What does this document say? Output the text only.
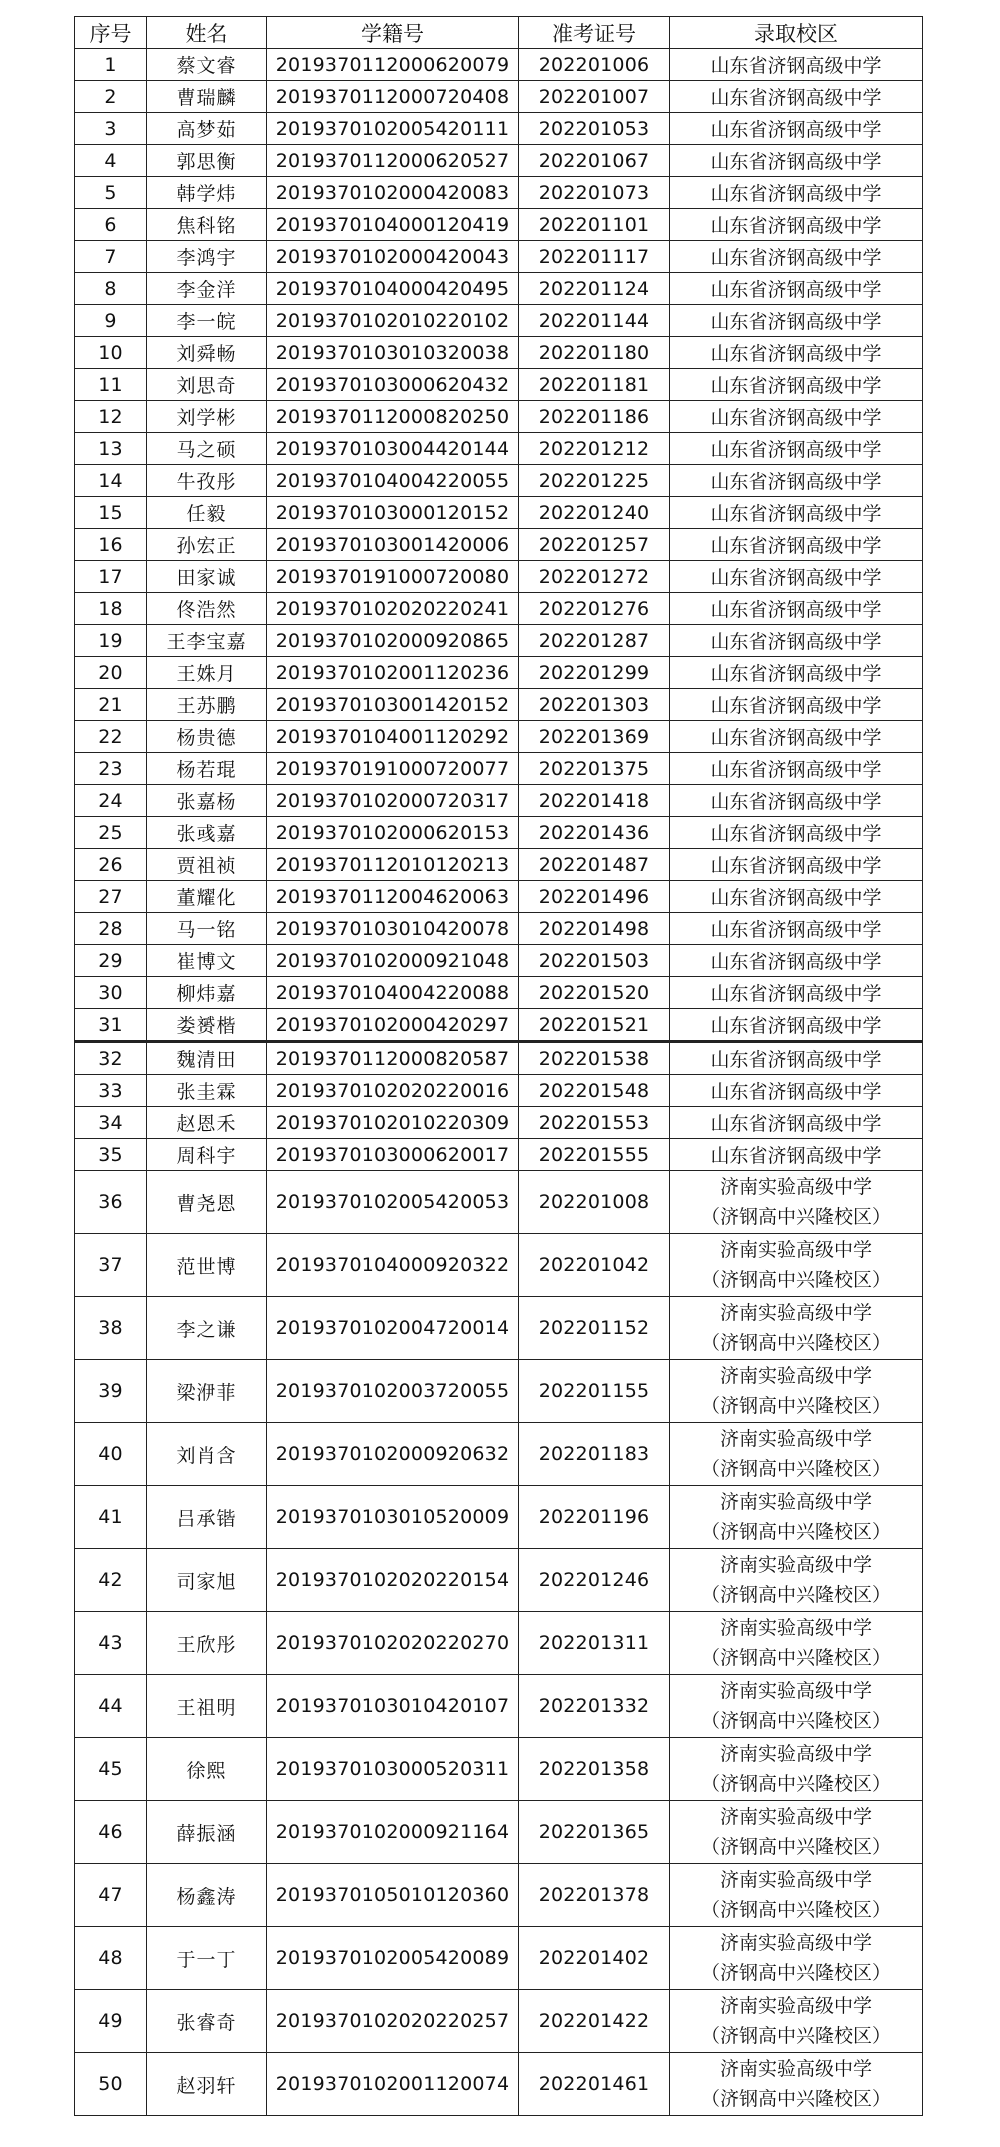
序号	姓名	学籍号	准考证号	录取校区
1	蔡文睿	2019370112000620079	202201006	山东省济钢高级中学

2	曹瑞麟	2019370112000720408	202201007	山东省济钢高级中学

3	高梦茹	2019370102005420111	202201053	山东省济钢高级中学

4	郭思衡	2019370112000620527	202201067	山东省济钢高级中学

5	韩学炜	2019370102000420083	202201073	山东省济钢高级中学

6	焦科铭	2019370104000120419	202201101	山东省济钢高级中学

7	李鸿宇	2019370102000420043	202201117	山东省济钢高级中学

8	李金洋	2019370104000420495	202201124	山东省济钢高级中学

9	李一皖	2019370102010220102	202201144	山东省济钢高级中学

10	刘舜畅	2019370103010320038	202201180	山东省济钢高级中学

11	刘思奇	2019370103000620432	202201181	山东省济钢高级中学

12	刘学彬	2019370112000820250	202201186	山东省济钢高级中学

13	马之硕	2019370103004420144	202201212	山东省济钢高级中学

14	牛孜彤	2019370104004220055	202201225	山东省济钢高级中学

15	任毅	2019370103000120152	202201240	山东省济钢高级中学

16	孙宏正	2019370103001420006	202201257	山东省济钢高级中学

17	田家诚	2019370191000720080	202201272	山东省济钢高级中学

18	佟浩然	2019370102020220241	202201276	山东省济钢高级中学

19	王李宝嘉	2019370102000920865	202201287	山东省济钢高级中学

20	王姝月	2019370102001120236	202201299	山东省济钢高级中学

21	王苏鹏	2019370103001420152	202201303	山东省济钢高级中学

22	杨贵德	2019370104001120292	202201369	山东省济钢高级中学

23	杨若琨	2019370191000720077	202201375	山东省济钢高级中学

24	张嘉杨	2019370102000720317	202201418	山东省济钢高级中学

25	张彧嘉	2019370102000620153	202201436	山东省济钢高级中学

26	贾祖祯	2019370112010120213	202201487	山东省济钢高级中学

27	董耀化	2019370112004620063	202201496	山东省济钢高级中学

28	马一铭	2019370103010420078	202201498	山东省济钢高级中学

29	崔博文	2019370102000921048	202201503	山东省济钢高级中学

30	柳炜嘉	2019370104004220088	202201520	山东省济钢高级中学

31	娄赟楷	2019370102000420297	202201521	山东省济钢高级中学

32	魏清田	2019370112000820587	202201538	山东省济钢高级中学

33	张圭霖	2019370102020220016	202201548	山东省济钢高级中学

34	赵恩禾	2019370102010220309	202201553	山东省济钢高级中学

35	周科宇	2019370103000620017	202201555	山东省济钢高级中学

36	曹尧恩	2019370102005420053	202201008	济南实验高级中学
（济钢高中兴隆校区）

37	范世博	2019370104000920322	202201042	济南实验高级中学
（济钢高中兴隆校区）

38	李之谦	2019370102004720014	202201152	济南实验高级中学
（济钢高中兴隆校区）

39	梁洢菲	2019370102003720055	202201155	济南实验高级中学
（济钢高中兴隆校区）

40	刘肖含	2019370102000920632	202201183	济南实验高级中学
（济钢高中兴隆校区）

41	吕承锴	2019370103010520009	202201196	济南实验高级中学
（济钢高中兴隆校区）

42	司家旭	2019370102020220154	202201246	济南实验高级中学
（济钢高中兴隆校区）

43	王欣彤	2019370102020220270	202201311	济南实验高级中学
（济钢高中兴隆校区）

44	王祖明	2019370103010420107	202201332	济南实验高级中学
（济钢高中兴隆校区）

45	徐熙	2019370103000520311	202201358	济南实验高级中学
（济钢高中兴隆校区）

46	薛振涵	2019370102000921164	202201365	济南实验高级中学
（济钢高中兴隆校区）

47	杨鑫涛	2019370105010120360	202201378	济南实验高级中学
（济钢高中兴隆校区）

48	于一丁	2019370102005420089	202201402	济南实验高级中学
（济钢高中兴隆校区）

49	张睿奇	2019370102020220257	202201422	济南实验高级中学
（济钢高中兴隆校区）

50	赵羽轩	2019370102001120074	202201461	济南实验高级中学
（济钢高中兴隆校区）
